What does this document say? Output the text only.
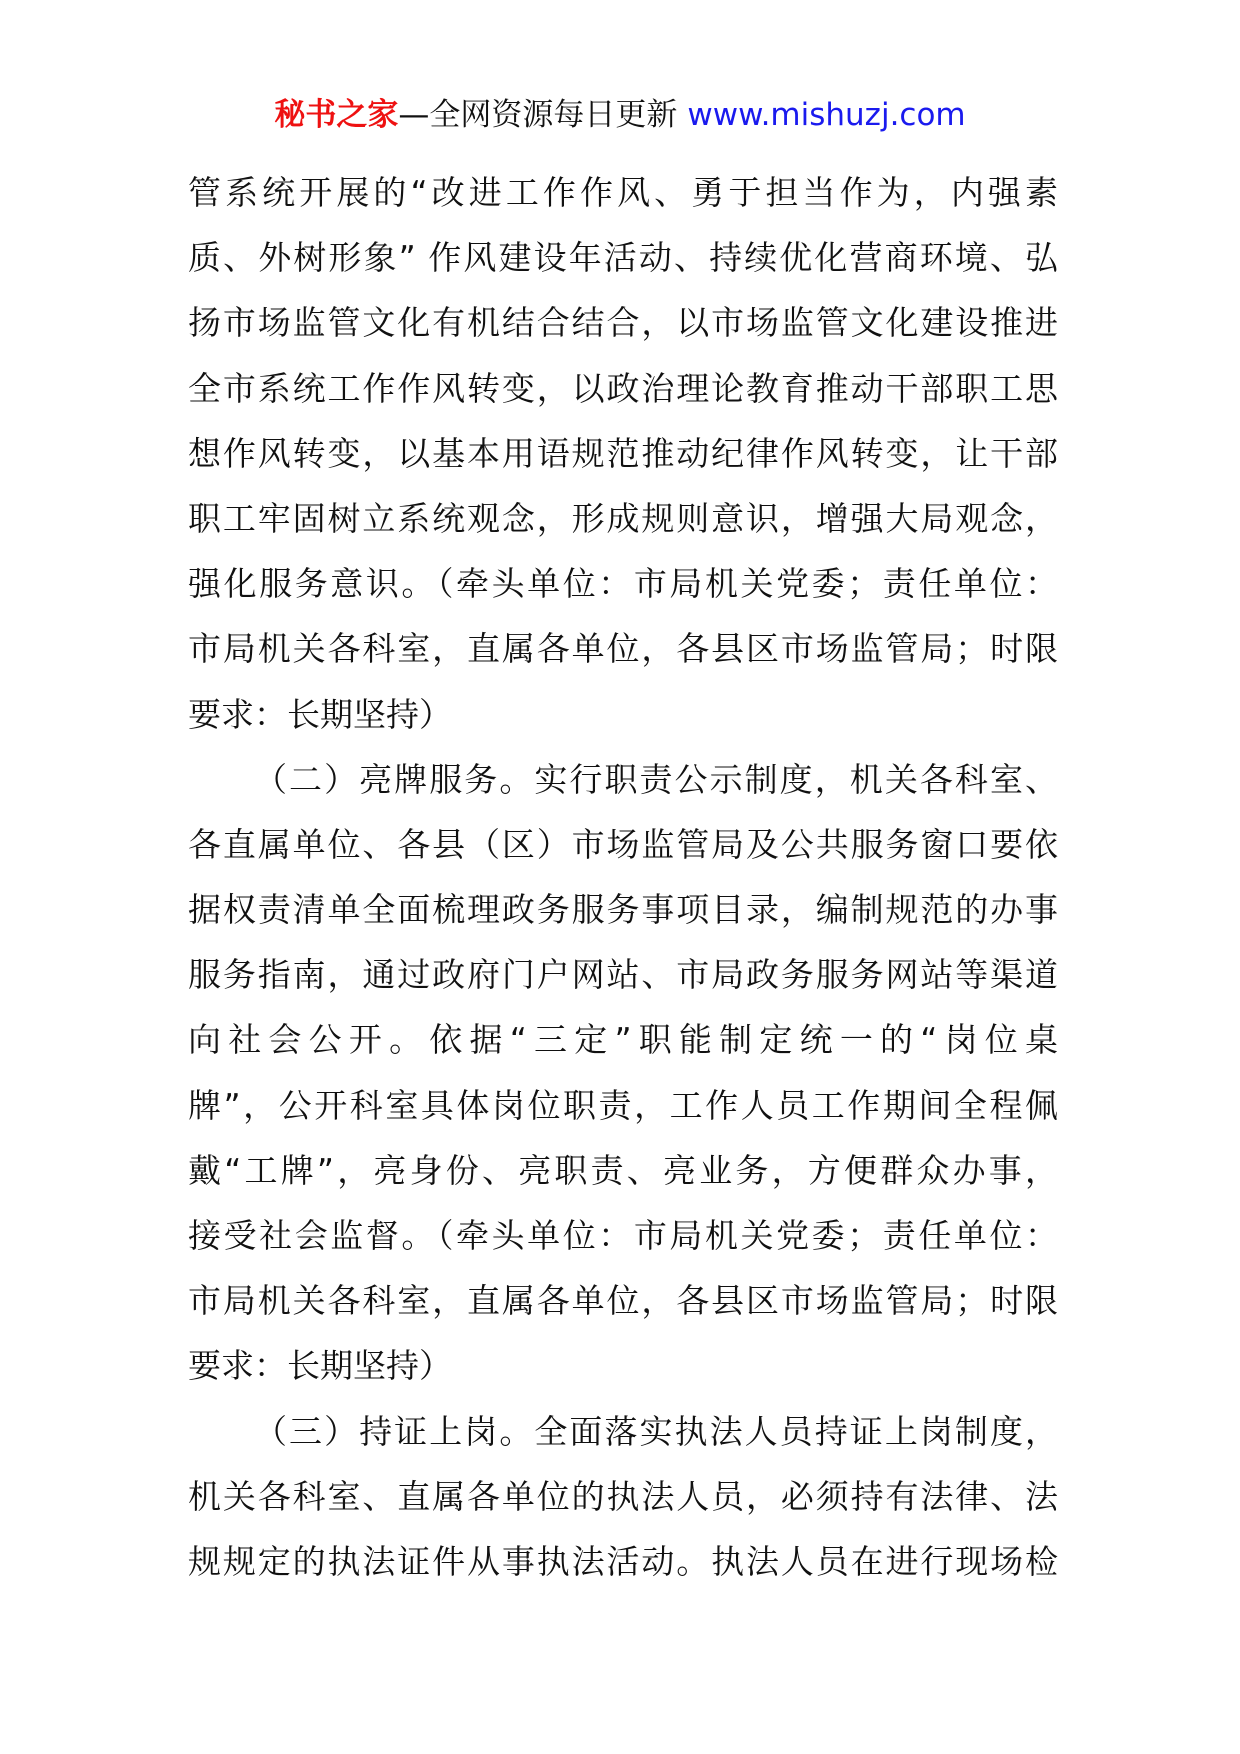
秘书之家—全网资源每日更新 www.mishuzj.com
管系统开展的“改进工作作风、勇于担当作为，内强素
质、外树形象” 作风建设年活动、持续优化营商环境、弘
扬市场监管文化有机结合结合，以市场监管文化建设推进
全市系统工作作风转变，以政治理论教育推动干部职工思
想作风转变，以基本用语规范推动纪律作风转变，让干部
职工牢固树立系统观念，形成规则意识，增强大局观念，
强化服务意识。（牵头单位：市局机关党委；责任单位：
市局机关各科室，直属各单位，各县区市场监管局；时限
要求：长期坚持）
（二）亮牌服务。实行职责公示制度，机关各科室、
各直属单位、各县（区）市场监管局及公共服务窗口要依
据权责清单全面梳理政务服务事项目录，编制规范的办事
服务指南，通过政府门户网站、市局政务服务网站等渠道
向社会公开。依据“三定”职能制定统一的“岗位桌
牌”，公开科室具体岗位职责，工作人员工作期间全程佩
戴“工牌”，亮身份、亮职责、亮业务，方便群众办事，
接受社会监督。（牵头单位：市局机关党委；责任单位：
市局机关各科室，直属各单位，各县区市场监管局；时限
要求：长期坚持）
（三）持证上岗。全面落实执法人员持证上岗制度，
机关各科室、直属各单位的执法人员，必须持有法律、法
规规定的执法证件从事执法活动。执法人员在进行现场检
